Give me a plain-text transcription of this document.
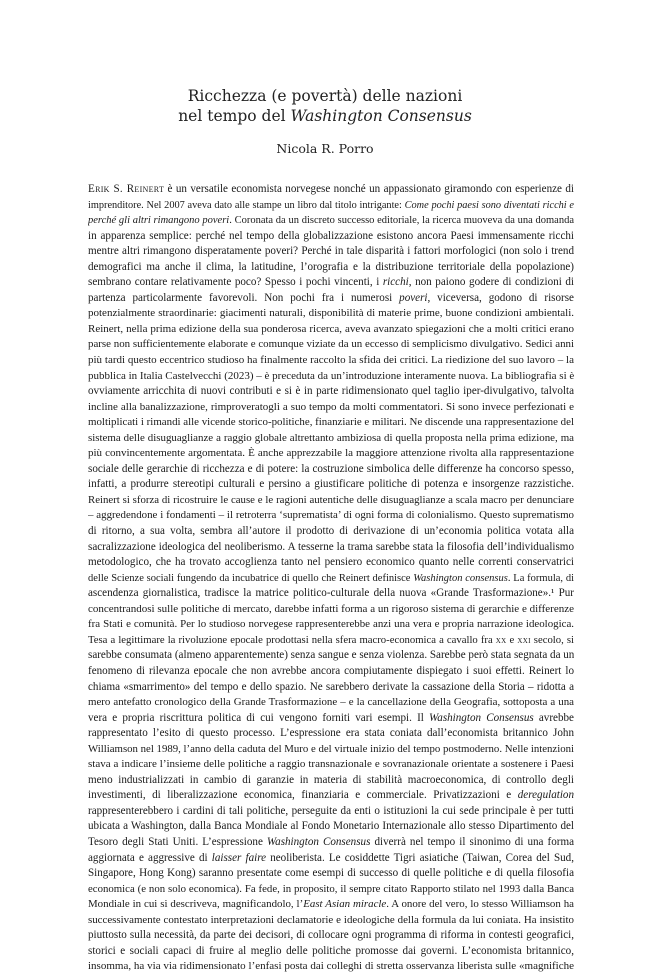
Ricchezza (e povertà) delle nazioni
nel tempo del Washington Consensus
Nicola R. Porro
Erik S. Reinert è un versatile economista norvegese nonché un appassionato giramondo con esperienze di
imprenditore. Nel 2007 aveva dato alle stampe un libro dal titolo intrigante: Come pochi paesi sono diventati ricchi e
perché gli altri rimangono poveri. Coronata da un discreto successo editoriale, la ricerca muoveva da una domanda
in apparenza semplice: perché nel tempo della globalizzazione esistono ancora Paesi immensamente ricchi
mentre altri rimangono disperatamente poveri? Perché in tale disparità i fattori morfologici (non solo i trend
demografici ma anche il clima, la latitudine, l’orografia e la distribuzione territoriale della popolazione)
sembrano contare relativamente poco? Spesso i pochi vincenti, i ricchi, non paiono godere di condizioni di
partenza particolarmente favorevoli. Non pochi fra i numerosi poveri, viceversa, godono di risorse
potenzialmente straordinarie: giacimenti naturali, disponibilità di materie prime, buone condizioni ambientali.
Reinert, nella prima edizione della sua ponderosa ricerca, aveva avanzato spiegazioni che a molti critici erano
parse non sufficientemente elaborate e comunque viziate da un eccesso di semplicismo divulgativo. Sedici anni
più tardi questo eccentrico studioso ha finalmente raccolto la sfida dei critici. La riedizione del suo lavoro – la
pubblica in Italia Castelvecchi (2023) – è preceduta da un’introduzione interamente nuova. La bibliografia si è
ovviamente arricchita di nuovi contributi e si è in parte ridimensionato quel taglio iper-divulgativo, talvolta
incline alla banalizzazione, rimproveratogli a suo tempo da molti commentatori. Si sono invece perfezionati e
moltiplicati i rimandi alle vicende storico-politiche, finanziarie e militari. Ne discende una rappresentazione del
sistema delle disuguaglianze a raggio globale altrettanto ambiziosa di quella proposta nella prima edizione, ma
più convincentemente argomentata. È anche apprezzabile la maggiore attenzione rivolta alla rappresentazione
sociale delle gerarchie di ricchezza e di potere: la costruzione simbolica delle differenze ha concorso spesso,
infatti, a produrre stereotipi culturali e persino a giustificare politiche di potenza e insorgenze razzistiche.
Reinert si sforza di ricostruire le cause e le ragioni autentiche delle disuguaglianze a scala macro per denunciare
– aggredendone i fondamenti – il retroterra ‘suprematista’ di ogni forma di colonialismo. Questo suprematismo
di ritorno, a sua volta, sembra all’autore il prodotto di derivazione di un’economia politica votata alla
sacralizzazione ideologica del neoliberismo. A tesserne la trama sarebbe stata la filosofia dell’individualismo
metodologico, che ha trovato accoglienza tanto nel pensiero economico quanto nelle correnti conservatrici
delle Scienze sociali fungendo da incubatrice di quello che Reinert definisce Washington consensus. La formula, di
ascendenza giornalistica, tradisce la matrice politico-culturale della nuova «Grande Trasformazione».¹ Pur
concentrandosi sulle politiche di mercato, darebbe infatti forma a un rigoroso sistema di gerarchie e differenze
fra Stati e comunità. Per lo studioso norvegese rappresenterebbe anzi una vera e propria narrazione ideologica.
Tesa a legittimare la rivoluzione epocale prodottasi nella sfera macro-economica a cavallo fra xx e xxi secolo, si
sarebbe consumata (almeno apparentemente) senza sangue e senza violenza. Sarebbe però stata segnata da un
fenomeno di rilevanza epocale che non avrebbe ancora compiutamente dispiegato i suoi effetti. Reinert lo
chiama «smarrimento» del tempo e dello spazio. Ne sarebbero derivate la cassazione della Storia – ridotta a
mero antefatto cronologico della Grande Trasformazione – e la cancellazione della Geografia, sottoposta a una
vera e propria riscrittura politica di cui vengono forniti vari esempi. Il Washington Consensus avrebbe
rappresentato l’esito di questo processo. L’espressione era stata coniata dall’economista britannico John
Williamson nel 1989, l’anno della caduta del Muro e del virtuale inizio del tempo postmoderno. Nelle intenzioni
stava a indicare l’insieme delle politiche a raggio transnazionale e sovranazionale orientate a sostenere i Paesi
meno industrializzati in cambio di garanzie in materia di stabilità macroeconomica, di controllo degli
investimenti, di liberalizzazione economica, finanziaria e commerciale. Privatizzazioni e deregulation
rappresenterebbero i cardini di tali politiche, perseguite da enti o istituzioni la cui sede principale è per tutti
ubicata a Washington, dalla Banca Mondiale al Fondo Monetario Internazionale allo stesso Dipartimento del
Tesoro degli Stati Uniti. L’espressione Washington Consensus diverrà nel tempo il sinonimo di una forma
aggiornata e aggressive di laisser faire neoliberista. Le cosiddette Tigri asiatiche (Taiwan, Corea del Sud,
Singapore, Hong Kong) saranno presentate come esempi di successo di quelle politiche e di quella filosofia
economica (e non solo economica). Fa fede, in proposito, il sempre citato Rapporto stilato nel 1993 dalla Banca
Mondiale in cui si descriveva, magnificandolo, l’East Asian miracle. A onore del vero, lo stesso Williamson ha
successivamente contestato interpretazioni declamatorie e ideologiche della formula da lui coniata. Ha insistito
piuttosto sulla necessità, da parte dei decisori, di collocare ogni programma di riforma in contesti geografici,
storici e sociali capaci di fruire al meglio delle politiche promosse dai governi. L’economista britannico,
insomma, ha via via ridimensionato l’enfasi posta dai colleghi di stretta osservanza liberista sulle «magnifiche
